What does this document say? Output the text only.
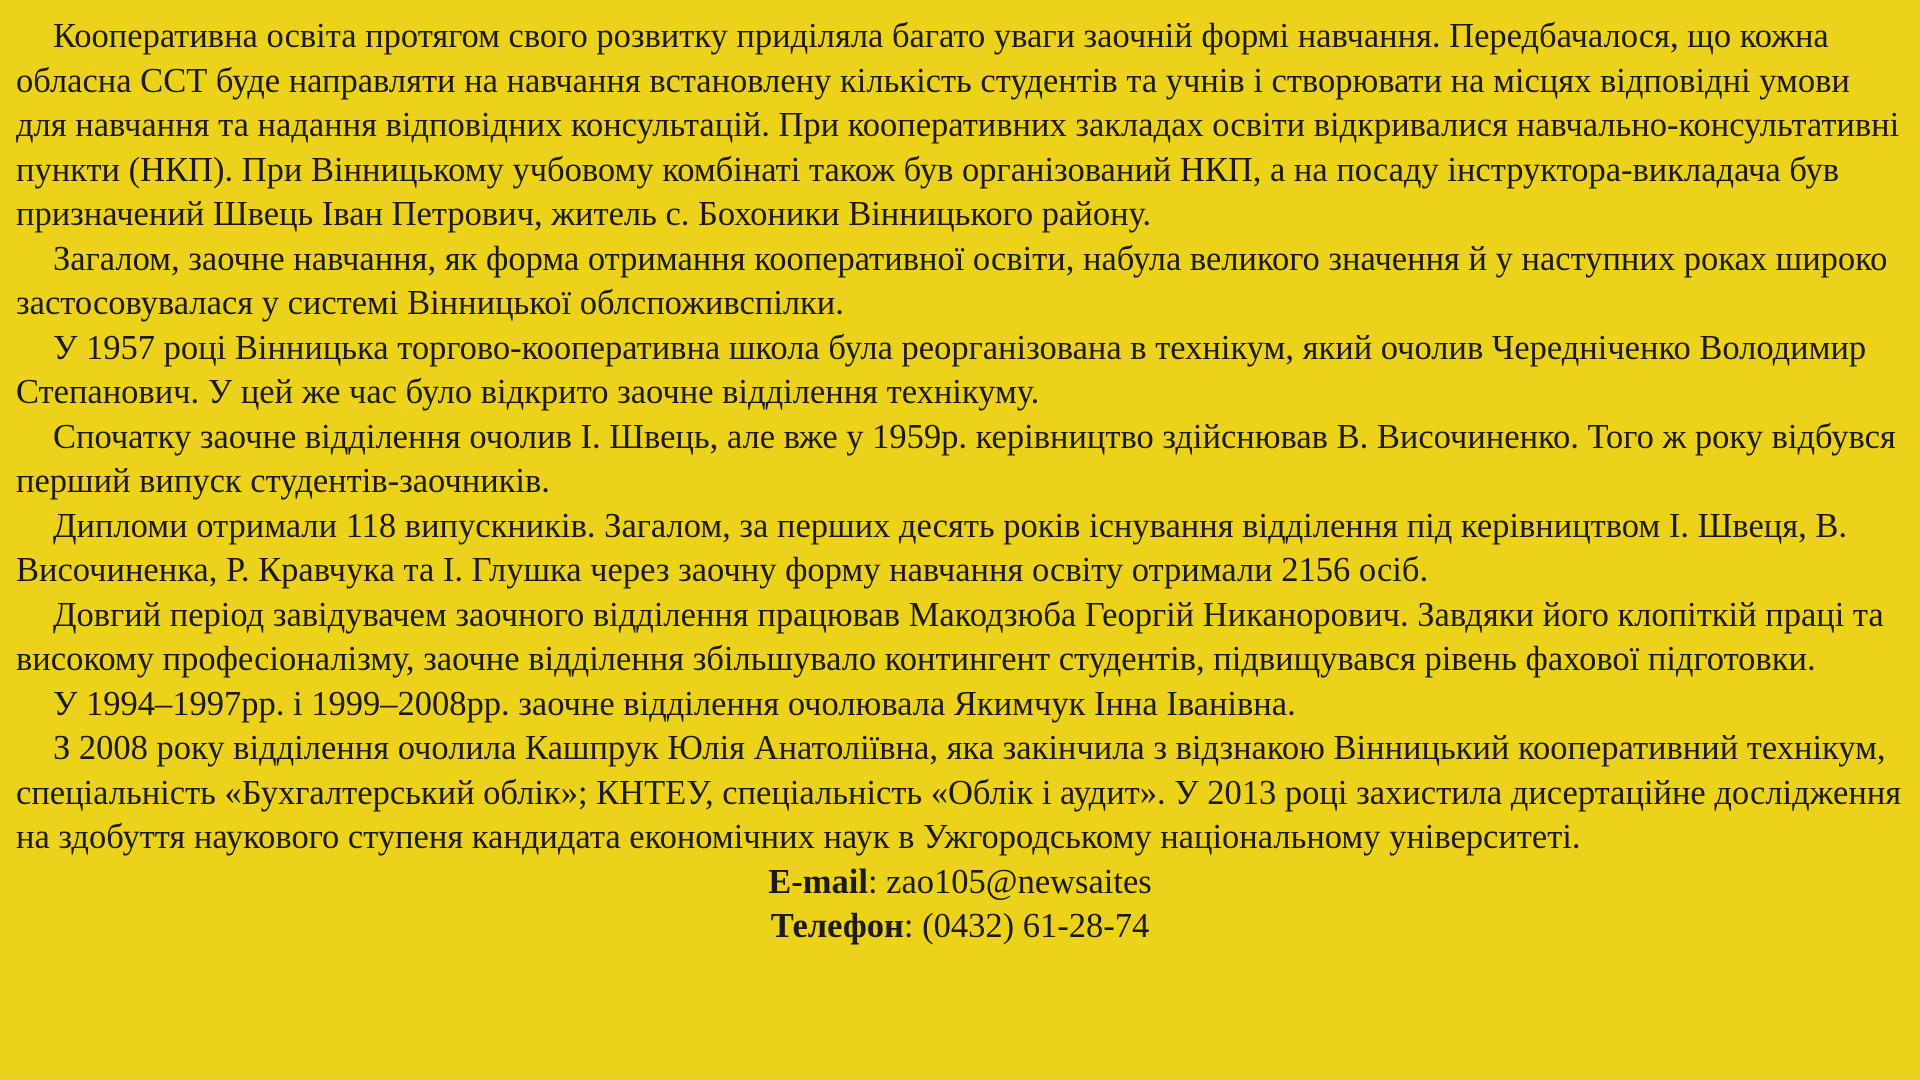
Кооперативна освіта протягом свого розвитку приділяла багато уваги заочній формі навчання. Передбачалося, що кожна обласна ССТ буде направляти на навчання встановлену кількість студентів та учнів і створювати на місцях відповідні умови для навчання та надання відповідних консультацій. При кооперативних закладах освіти відкривалися навчально-консультативні пункти (НКП). При Вінницькому учбовому комбінаті також був організований НКП, а на посаду інструктора-викладача був призначений Швець Іван Петрович, житель с. Бохоники Вінницького району.

Загалом, заочне навчання, як форма отримання кооперативної освіти, набула великого значення й у наступних роках широко застосовувалася у системі Вінницької облспоживспілки.

У 1957 році Вінницька торгово-кооперативна школа була реорганізована в технікум, який очолив Чередніченко Володимир Степанович. У цей же час було відкрито заочне відділення технікуму.

Спочатку заочне відділення очолив І. Швець, але вже у 1959р. керівництво здійснював В. Височиненко. Того ж року відбувся перший випуск студентів-заочників.

Дипломи отримали 118 випускників. Загалом, за перших десять років існування відділення під керівництвом І. Швеця, В. Височиненка, Р. Кравчука та І. Глушка через заочну форму навчання освіту отримали 2156 осіб.

Довгий період завідувачем заочного відділення працював Макодзюба Георгій Никанорович. Завдяки його клопіткій праці та високому професіоналізму, заочне відділення збільшувало контингент студентів, підвищувався рівень фахової підготовки.

У 1994–1997рр. і 1999–2008рр. заочне відділення очолювала Якимчук Інна Іванівна.

З 2008 року відділення очолила Кашпрук Юлія Анатоліївна, яка закінчила з відзнакою Вінницький кооперативний технікум, спеціальність «Бухгалтерський облік»; КНТЕУ, спеціальність «Облік і аудит». У 2013 році захистила дисертаційне дослідження на здобуття наукового ступеня кандидата економічних наук в Ужгородському національному університеті.

E-mail: zao105@newsaites
Телефон: (0432) 61-28-74
